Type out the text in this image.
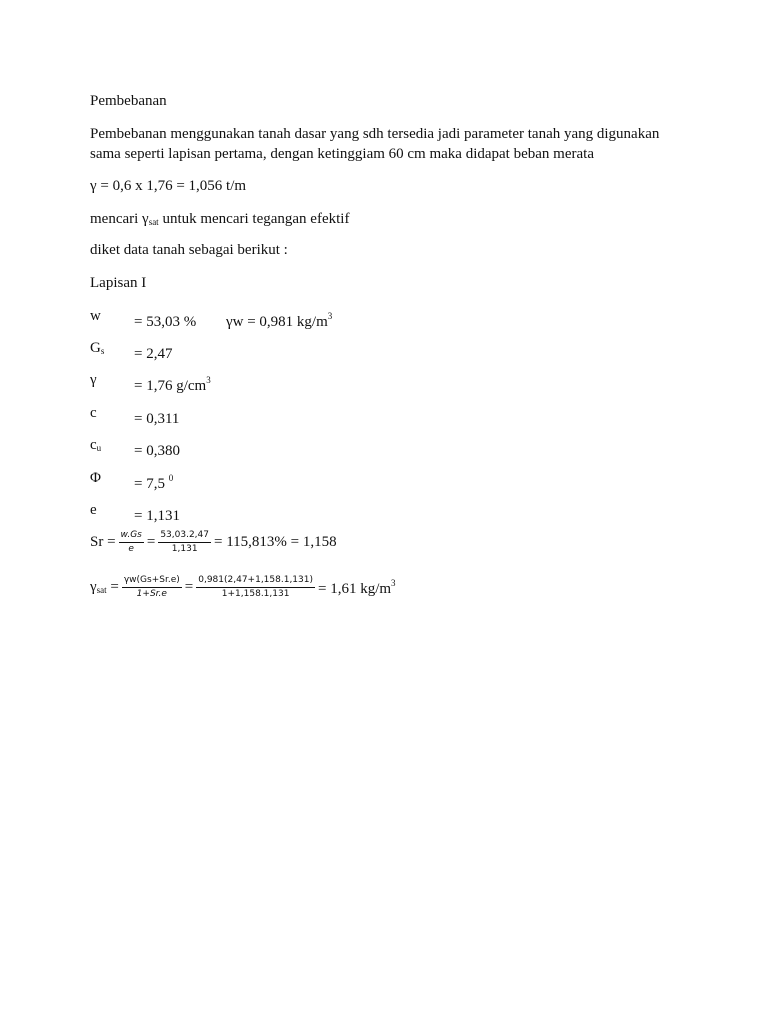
Pembebanan
Pembebanan menggunakan tanah dasar yang sdh tersedia jadi parameter tanah yang digunakan
sama seperti lapisan pertama, dengan ketinggiam 60 cm maka didapat beban merata
γ = 0,6 x 1,76 = 1,056 t/m
mencari $\gamma_{sat}$ untuk mencari tegangan efektif
diket data tanah sebagai berikut :
Lapisan I
w = 53,03 % γw = 0,981 $kg/m^3$
$G_s = 2,47$
γ = 1,76 $g/cm^3$
c = 0,311
$c_u = 0,380$
Φ = 7,5 $^0$
e = 1,131
$Sr = \frac{w.Gs}{e} = \frac{53,03.2,47}{1,131} = 115,813\% = 1,158$
$\gamma_{sat} = \frac{\gamma w(Gs+Sr.e)}{1+Sr.e} = \frac{0,981(2,47+1,158.1,131)}{1+1,158.1,131} = 1,61$ $kg/m^3$
